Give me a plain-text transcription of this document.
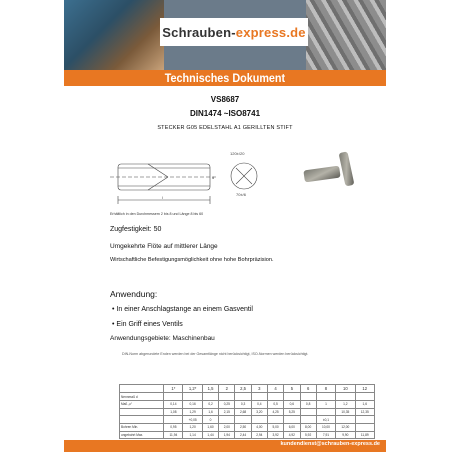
Schrauben-express.de
Technisches Dokument
VS8687
DIN1474 ~ISO8741
STECKER G05 EDELSTAHL A1 GERILLTEN STIFT
120±/20
70±/6
d
l
Erhältlich in den Durchmessern 2 bis 8 und Länge 8 bis 60
Zugfestigkeit: 50
Umgekehrte Flöte auf mittlerer Länge
Wirtschaftliche Befestigungsmöglichkeit ohne hohe Bohrpräzision.
Anwendung:
• In einer Anschlagstange an einem Gasventil
• Ein Griff eines Ventils
Anwendungsgebiete: Maschinenbau
DIN-Norm abgerundete Enden werden bei der Gesamtlänge nicht berücksichtigt, ISO-Normen werden berücksichtigt.
	1*	1,2*	1,5	2	2,5	3	4	5	6	8	10	12
Nennmaß d												
Maß „c“	0,14	0,16	0,2	0,25	0,3	0,4	0,5	0,6	0,8	1	1,2	1,6
	1,08	1,29	1,6	2,15	2,68	3,20	4,25	5,25			10,35	12,35
		+0,05	0							±0,1		
Bohren Min.	0,95	1,20	1,60	2,00	2,50	4,00	5,00	6,00	8,00	10,00	12,00	
ungebohrt Max.	11,94	1,14	1,44	1,94	2,44	2,94	3,92	4,92	5,92	7,91	9,90	11,89
kundendienst@schrauben-express.de
